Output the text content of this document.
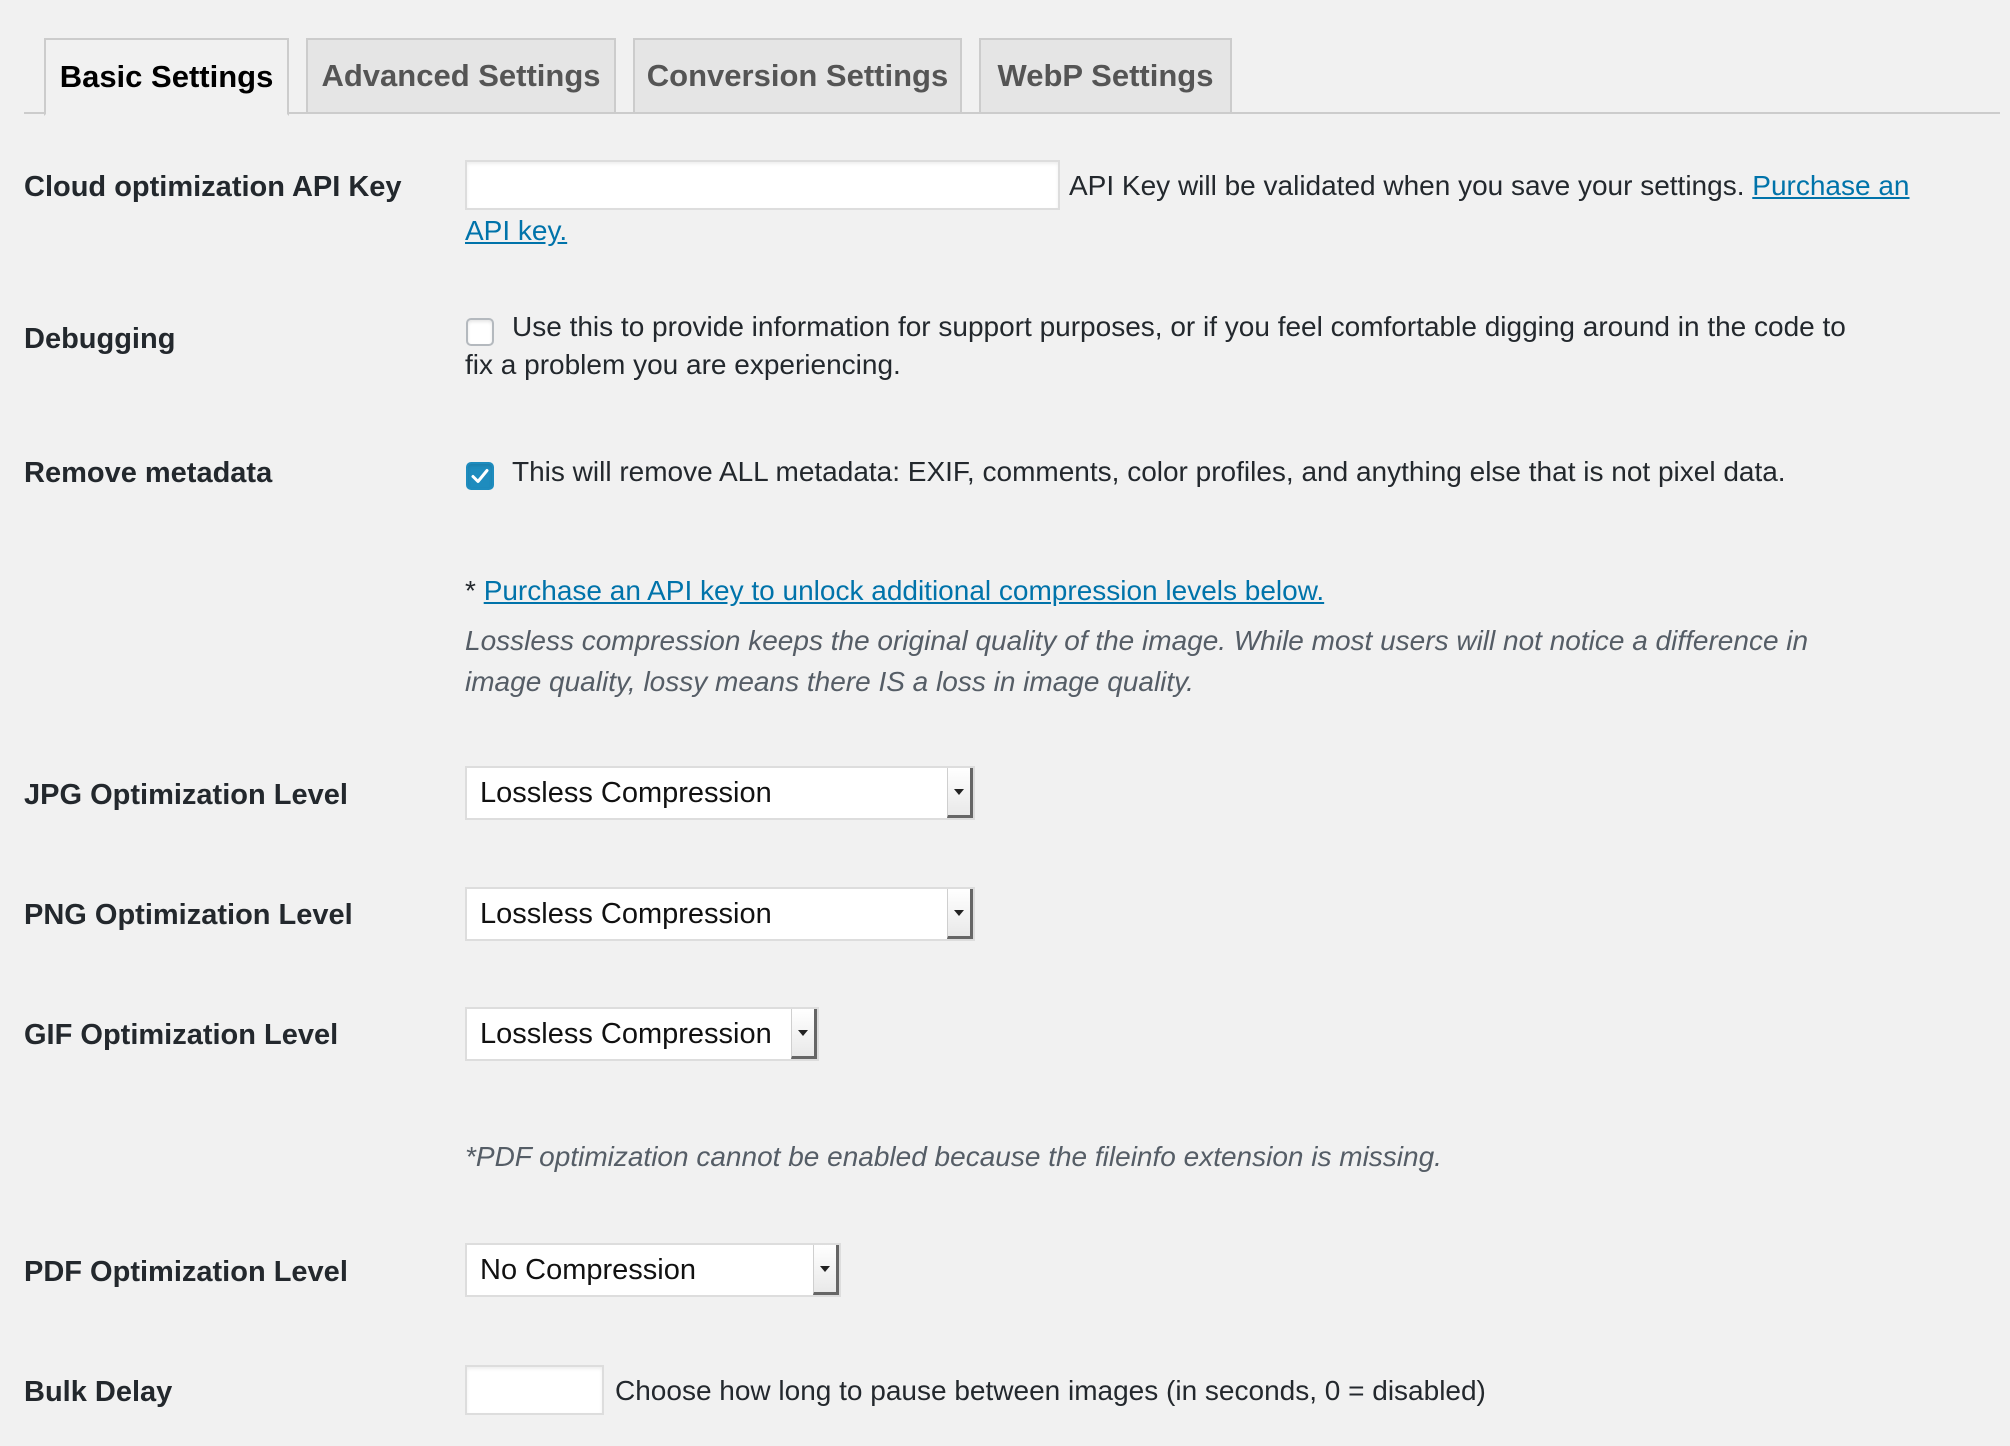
Basic Settings	Advanced Settings	Conversion Settings	WebP Settings
Cloud optimization API Key	API Key will be validated when you save your settings. Purchase an
API key.
Debugging	Use this to provide information for support purposes, or if you feel comfortable digging around in the code to
fix a problem you are experiencing.
Remove metadata	This will remove ALL metadata: EXIF, comments, color profiles, and anything else that is not pixel data.
* Purchase an API key to unlock additional compression levels below.
Lossless compression keeps the original quality of the image. While most users will not notice a difference in
image quality, lossy means there IS a loss in image quality.
JPG Optimization Level	Lossless Compression
PNG Optimization Level	Lossless Compression
GIF Optimization Level	Lossless Compression
*PDF optimization cannot be enabled because the fileinfo extension is missing.
PDF Optimization Level	No Compression
Bulk Delay	Choose how long to pause between images (in seconds, 0 = disabled)
